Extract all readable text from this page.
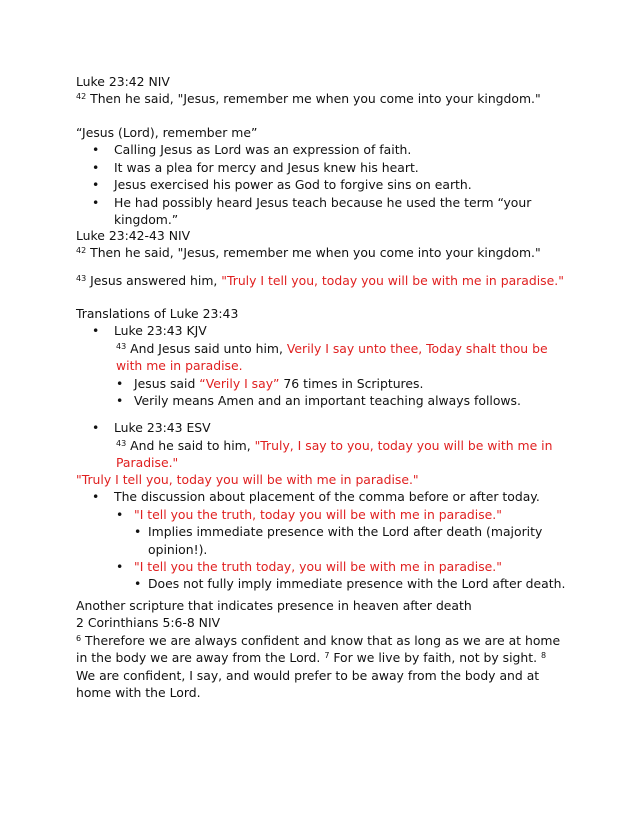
Luke 23:42 NIV

$^{42}$ Then he said, "Jesus, remember me when you come into your kingdom."

“Jesus (Lord), remember me”

• Calling Jesus as Lord was an expression of faith.
• It was a plea for mercy and Jesus knew his heart.
• Jesus exercised his power as God to forgive sins on earth.
• He had possibly heard Jesus teach because he used the term “your kingdom.”

Luke 23:42-43 NIV

$^{42}$ Then he said, "Jesus, remember me when you come into your kingdom."

$^{43}$ Jesus answered him, "Truly I tell you, today you will be with me in paradise."

Translations of Luke 23:43

• Luke 23:43 KJV

$^{43}$ And Jesus said unto him, Verily I say unto thee, Today shalt thou be with me in paradise.

• Jesus said “Verily I say” 76 times in Scriptures.
• Verily means Amen and an important teaching always follows.
• Luke 23:43 ESV

$^{43}$ And he said to him, "Truly, I say to you, today you will be with me in Paradise."

"Truly I tell you, today you will be with me in paradise."

• The discussion about placement of the comma before or after today.
• "I tell you the truth, today you will be with me in paradise."
• Implies immediate presence with the Lord after death (majority opinion!).
• "I tell you the truth today, you will be with me in paradise."
• Does not fully imply immediate presence with the Lord after death.

Another scripture that indicates presence in heaven after death

2 Corinthians 5:6-8 NIV

$^6$ Therefore we are always confident and know that as long as we are at home in the body we are away from the Lord. $^7$ For we live by faith, not by sight. $^8$ We are confident, I say, and would prefer to be away from the body and at home with the Lord.
